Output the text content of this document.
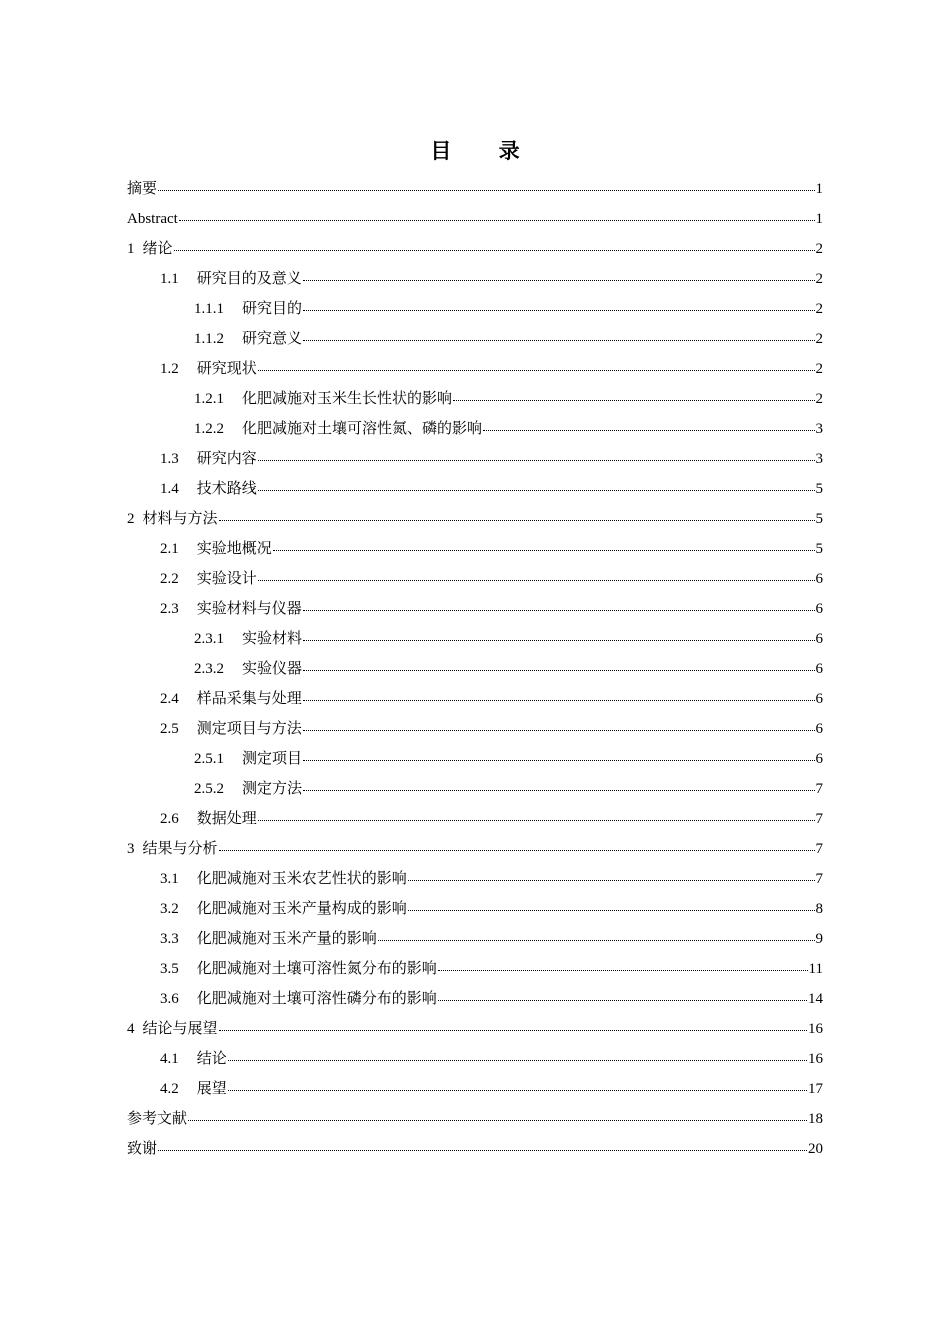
目 录
摘要	1
Abstract	1
1 绪论	2
1.1 研究目的及意义	2
1.1.1 研究目的	2
1.1.2 研究意义	2
1.2 研究现状	2
1.2.1 化肥减施对玉米生长性状的影响	2
1.2.2 化肥减施对土壤可溶性氮、磷的影响	3
1.3 研究内容	3
1.4 技术路线	5
2 材料与方法	5
2.1 实验地概况	5
2.2 实验设计	6
2.3 实验材料与仪器	6
2.3.1 实验材料	6
2.3.2 实验仪器	6
2.4 样品采集与处理	6
2.5 测定项目与方法	6
2.5.1 测定项目	6
2.5.2 测定方法	7
2.6 数据处理	7
3 结果与分析	7
3.1 化肥减施对玉米农艺性状的影响	7
3.2 化肥减施对玉米产量构成的影响	8
3.3 化肥减施对玉米产量的影响	9
3.5 化肥减施对土壤可溶性氮分布的影响	11
3.6 化肥减施对土壤可溶性磷分布的影响	14
4 结论与展望	16
4.1 结论	16
4.2 展望	17
参考文献	18
致谢	20
